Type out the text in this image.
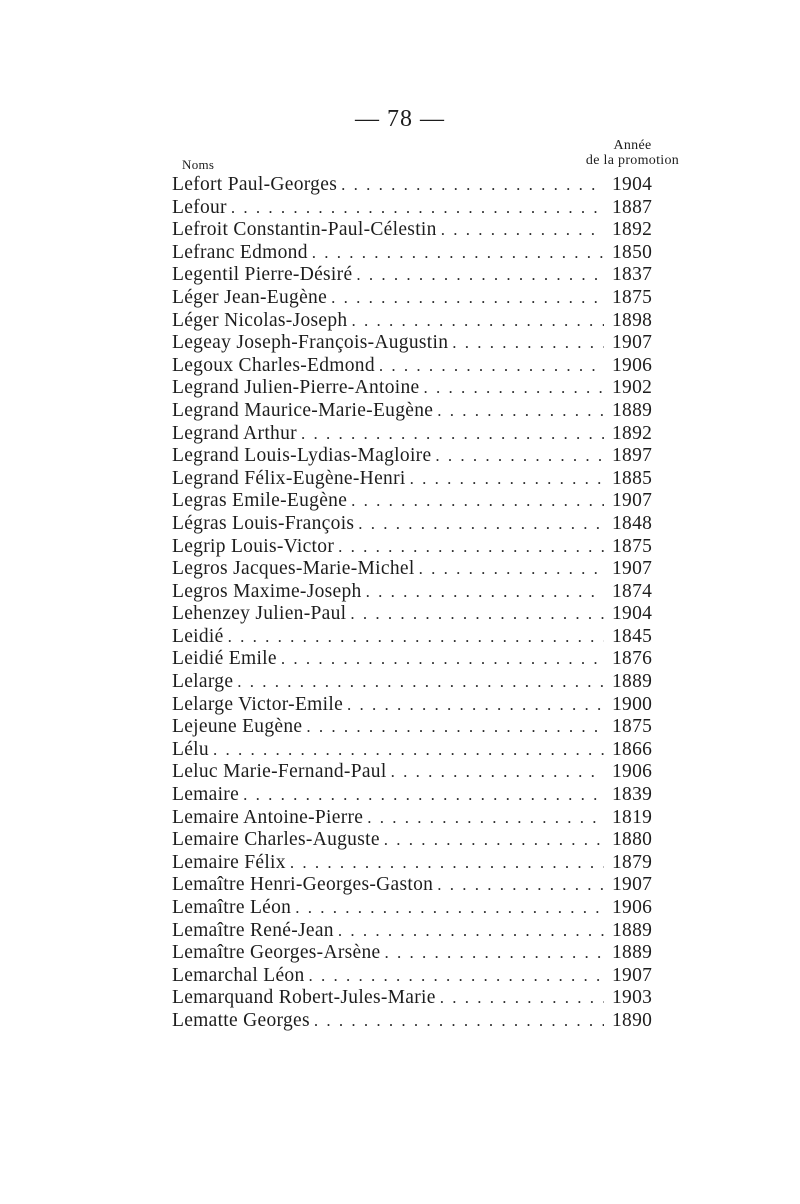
— 78 —
Année
de la promotion
Noms
Lefort Paul-Georges . . .	1904
Lefour . . .	1887
Lefroit Constantin-Paul-Célestin . . .	1892
Lefranc Edmond . . .	1850
Legentil Pierre-Désiré . . .	1837
Léger Jean-Eugène . . .	1875
Léger Nicolas-Joseph . . .	1898
Legeay Joseph-François-Augustin . . .	1907
Legoux Charles-Edmond . . .	1906
Legrand Julien-Pierre-Antoine . . .	1902
Legrand Maurice-Marie-Eugène . . .	1889
Legrand Arthur . . .	1892
Legrand Louis-Lydias-Magloire . . .	1897
Legrand Félix-Eugène-Henri . . .	1885
Legras Emile-Eugène . . .	1907
Légras Louis-François . . .	1848
Legrip Louis-Victor . . .	1875
Legros Jacques-Marie-Michel . . .	1907
Legros Maxime-Joseph . . .	1874
Lehenzey Julien-Paul . . .	1904
Leidié . . .	1845
Leidié Emile . . .	1876
Lelarge . . .	1889
Lelarge Victor-Emile . . .	1900
Lejeune Eugène . . .	1875
Lélu . . .	1866
Leluc Marie-Fernand-Paul . . .	1906
Lemaire . . .	1839
Lemaire Antoine-Pierre . . .	1819
Lemaire Charles-Auguste . . .	1880
Lemaire Félix . . .	1879
Lemaître Henri-Georges-Gaston . . .	1907
Lemaître Léon . . .	1906
Lemaître René-Jean . . .	1889
Lemaître Georges-Arsène . . .	1889
Lemarchal Léon . . .	1907
Lemarquand Robert-Jules-Marie . . .	1903
Lematte Georges . . .	1890
